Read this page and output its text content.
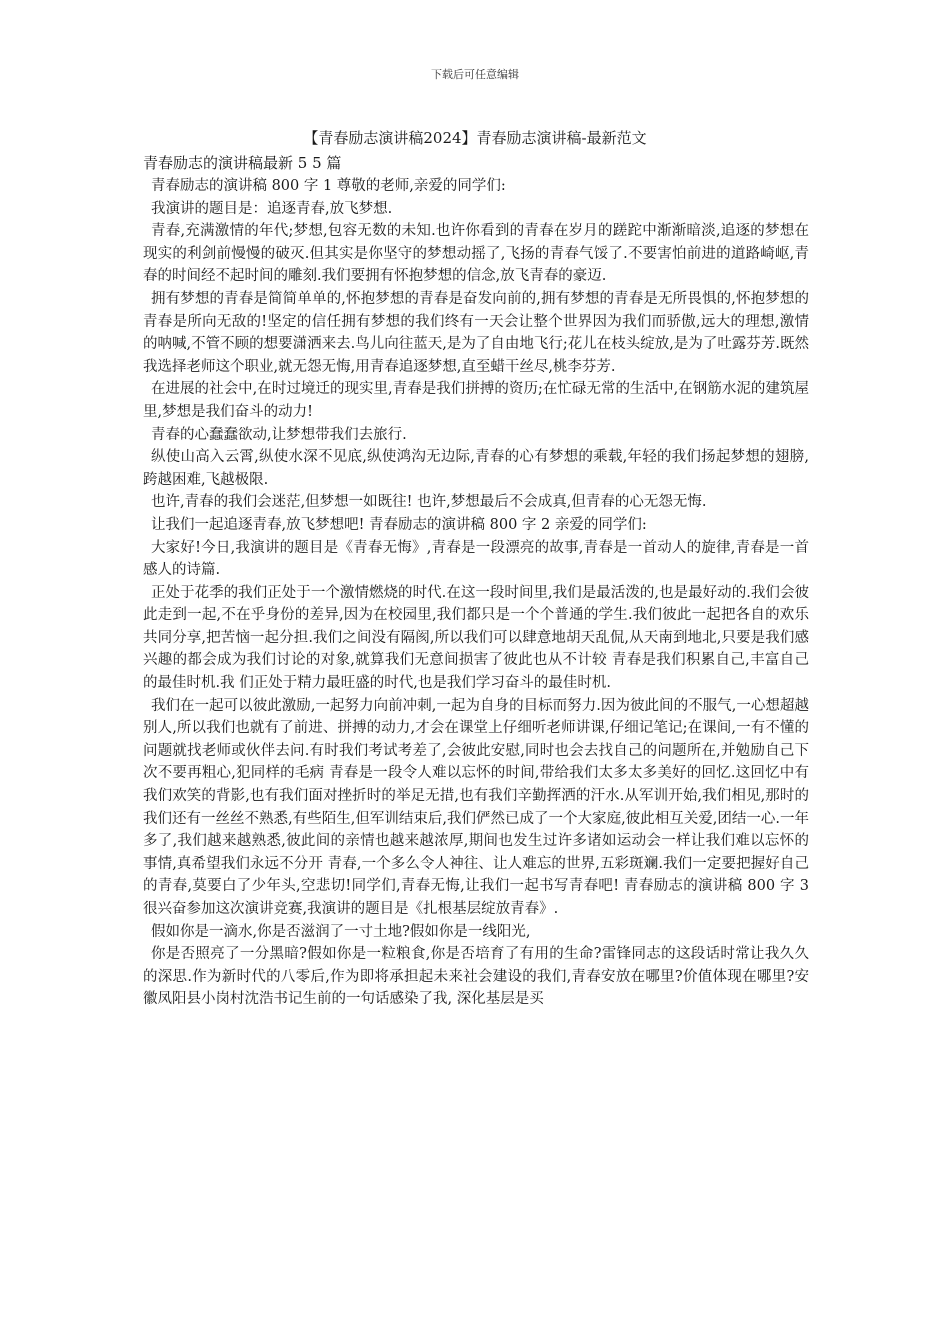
下载后可任意编辑
【青春励志演讲稿2024】青春励志演讲稿-最新范文
青春励志的演讲稿最新 5 5 篇

青春励志的演讲稿 800 字 1 尊敬的老师,亲爱的同学们:

我演讲的题目是：追逐青春,放飞梦想.

青春,充满激情的年代;梦想,包容无数的未知.也许你看到的青春在岁月的蹉跎中渐渐暗淡,追逐的梦想在现实的利剑前慢慢的破灭.但其实是你坚守的梦想动摇了,飞扬的青春气馁了.不要害怕前进的道路崎岖,青春的时间经不起时间的雕刻.我们要拥有怀抱梦想的信念,放飞青春的豪迈.

拥有梦想的青春是简简单单的,怀抱梦想的青春是奋发向前的,拥有梦想的青春是无所畏惧的,怀抱梦想的青春是所向无敌的!坚定的信任拥有梦想的我们终有一天会让整个世界因为我们而骄傲,远大的理想,激情的呐喊,不管不顾的想要潇洒来去.鸟儿向往蓝天,是为了自由地飞行;花儿在枝头绽放,是为了吐露芬芳.既然我选择老师这个职业,就无怨无悔,用青春追逐梦想,直至蜡干丝尽,桃李芬芳.

在进展的社会中,在时过境迁的现实里,青春是我们拼搏的资历;在忙碌无常的生活中,在钢筋水泥的建筑屋里,梦想是我们奋斗的动力!

青春的心蠢蠢欲动,让梦想带我们去旅行.

纵使山高入云霄,纵使水深不见底,纵使鸿沟无边际,青春的心有梦想的乘载,年轻的我们扬起梦想的翅膀,跨越困难,飞越极限.

也许,青春的我们会迷茫,但梦想一如既往! 也许,梦想最后不会成真,但青春的心无怨无悔.

让我们一起追逐青春,放飞梦想吧! 青春励志的演讲稿 800 字 2 亲爱的同学们:

大家好!今日,我演讲的题目是《青春无悔》,青春是一段漂亮的故事,青春是一首动人的旋律,青春是一首感人的诗篇.

正处于花季的我们正处于一个激情燃烧的时代.在这一段时间里,我们是最活泼的,也是最好动的.我们会彼此走到一起,不在乎身份的差异,因为在校园里,我们都只是一个个普通的学生.我们彼此一起把各自的欢乐共同分享,把苦恼一起分担.我们之间没有隔阂,所以我们可以肆意地胡天乱侃,从天南到地北,只要是我们感兴趣的都会成为我们讨论的对象,就算我们无意间损害了彼此也从不计较 青春是我们积累自己,丰富自己的最佳时机.我 们正处于精力最旺盛的时代,也是我们学习奋斗的最佳时机.

我们在一起可以彼此激励,一起努力向前冲刺,一起为自身的目标而努力.因为彼此间的不服气,一心想超越别人,所以我们也就有了前进、拼搏的动力,才会在课堂上仔细听老师讲课,仔细记笔记;在课间,一有不懂的问题就找老师或伙伴去问.有时我们考试考差了,会彼此安慰,同时也会去找自己的问题所在,并勉励自己下次不要再粗心,犯同样的毛病 青春是一段令人难以忘怀的时间,带给我们太多太多美好的回忆.这回忆中有我们欢笑的背影,也有我们面对挫折时的举足无措,也有我们辛勤挥洒的汗水.从军训开始,我们相见,那时的我们还有一丝丝不熟悉,有些陌生,但军训结束后,我们俨然已成了一个大家庭,彼此相互关爱,团结一心.一年多了,我们越来越熟悉,彼此间的亲情也越来越浓厚,期间也发生过许多诸如运动会一样让我们难以忘怀的事情,真希望我们永远不分开 青春,一个多么令人神往、让人难忘的世界,五彩斑斓.我们一定要把握好自己的青春,莫要白了少年头,空悲切!同学们,青春无悔,让我们一起书写青春吧! 青春励志的演讲稿 800 字 3 很兴奋参加这次演讲竞赛,我演讲的题目是《扎根基层绽放青春》.

假如你是一滴水,你是否滋润了一寸土地?假如你是一线阳光,

你是否照亮了一分黑暗?假如你是一粒粮食,你是否培育了有用的生命?雷锋同志的这段话时常让我久久的深思.作为新时代的八零后,作为即将承担起未来社会建设的我们,青春安放在哪里?价值体现在哪里?安徽凤阳县小岗村沈浩书记生前的一句话感染了我, 深化基层是买
